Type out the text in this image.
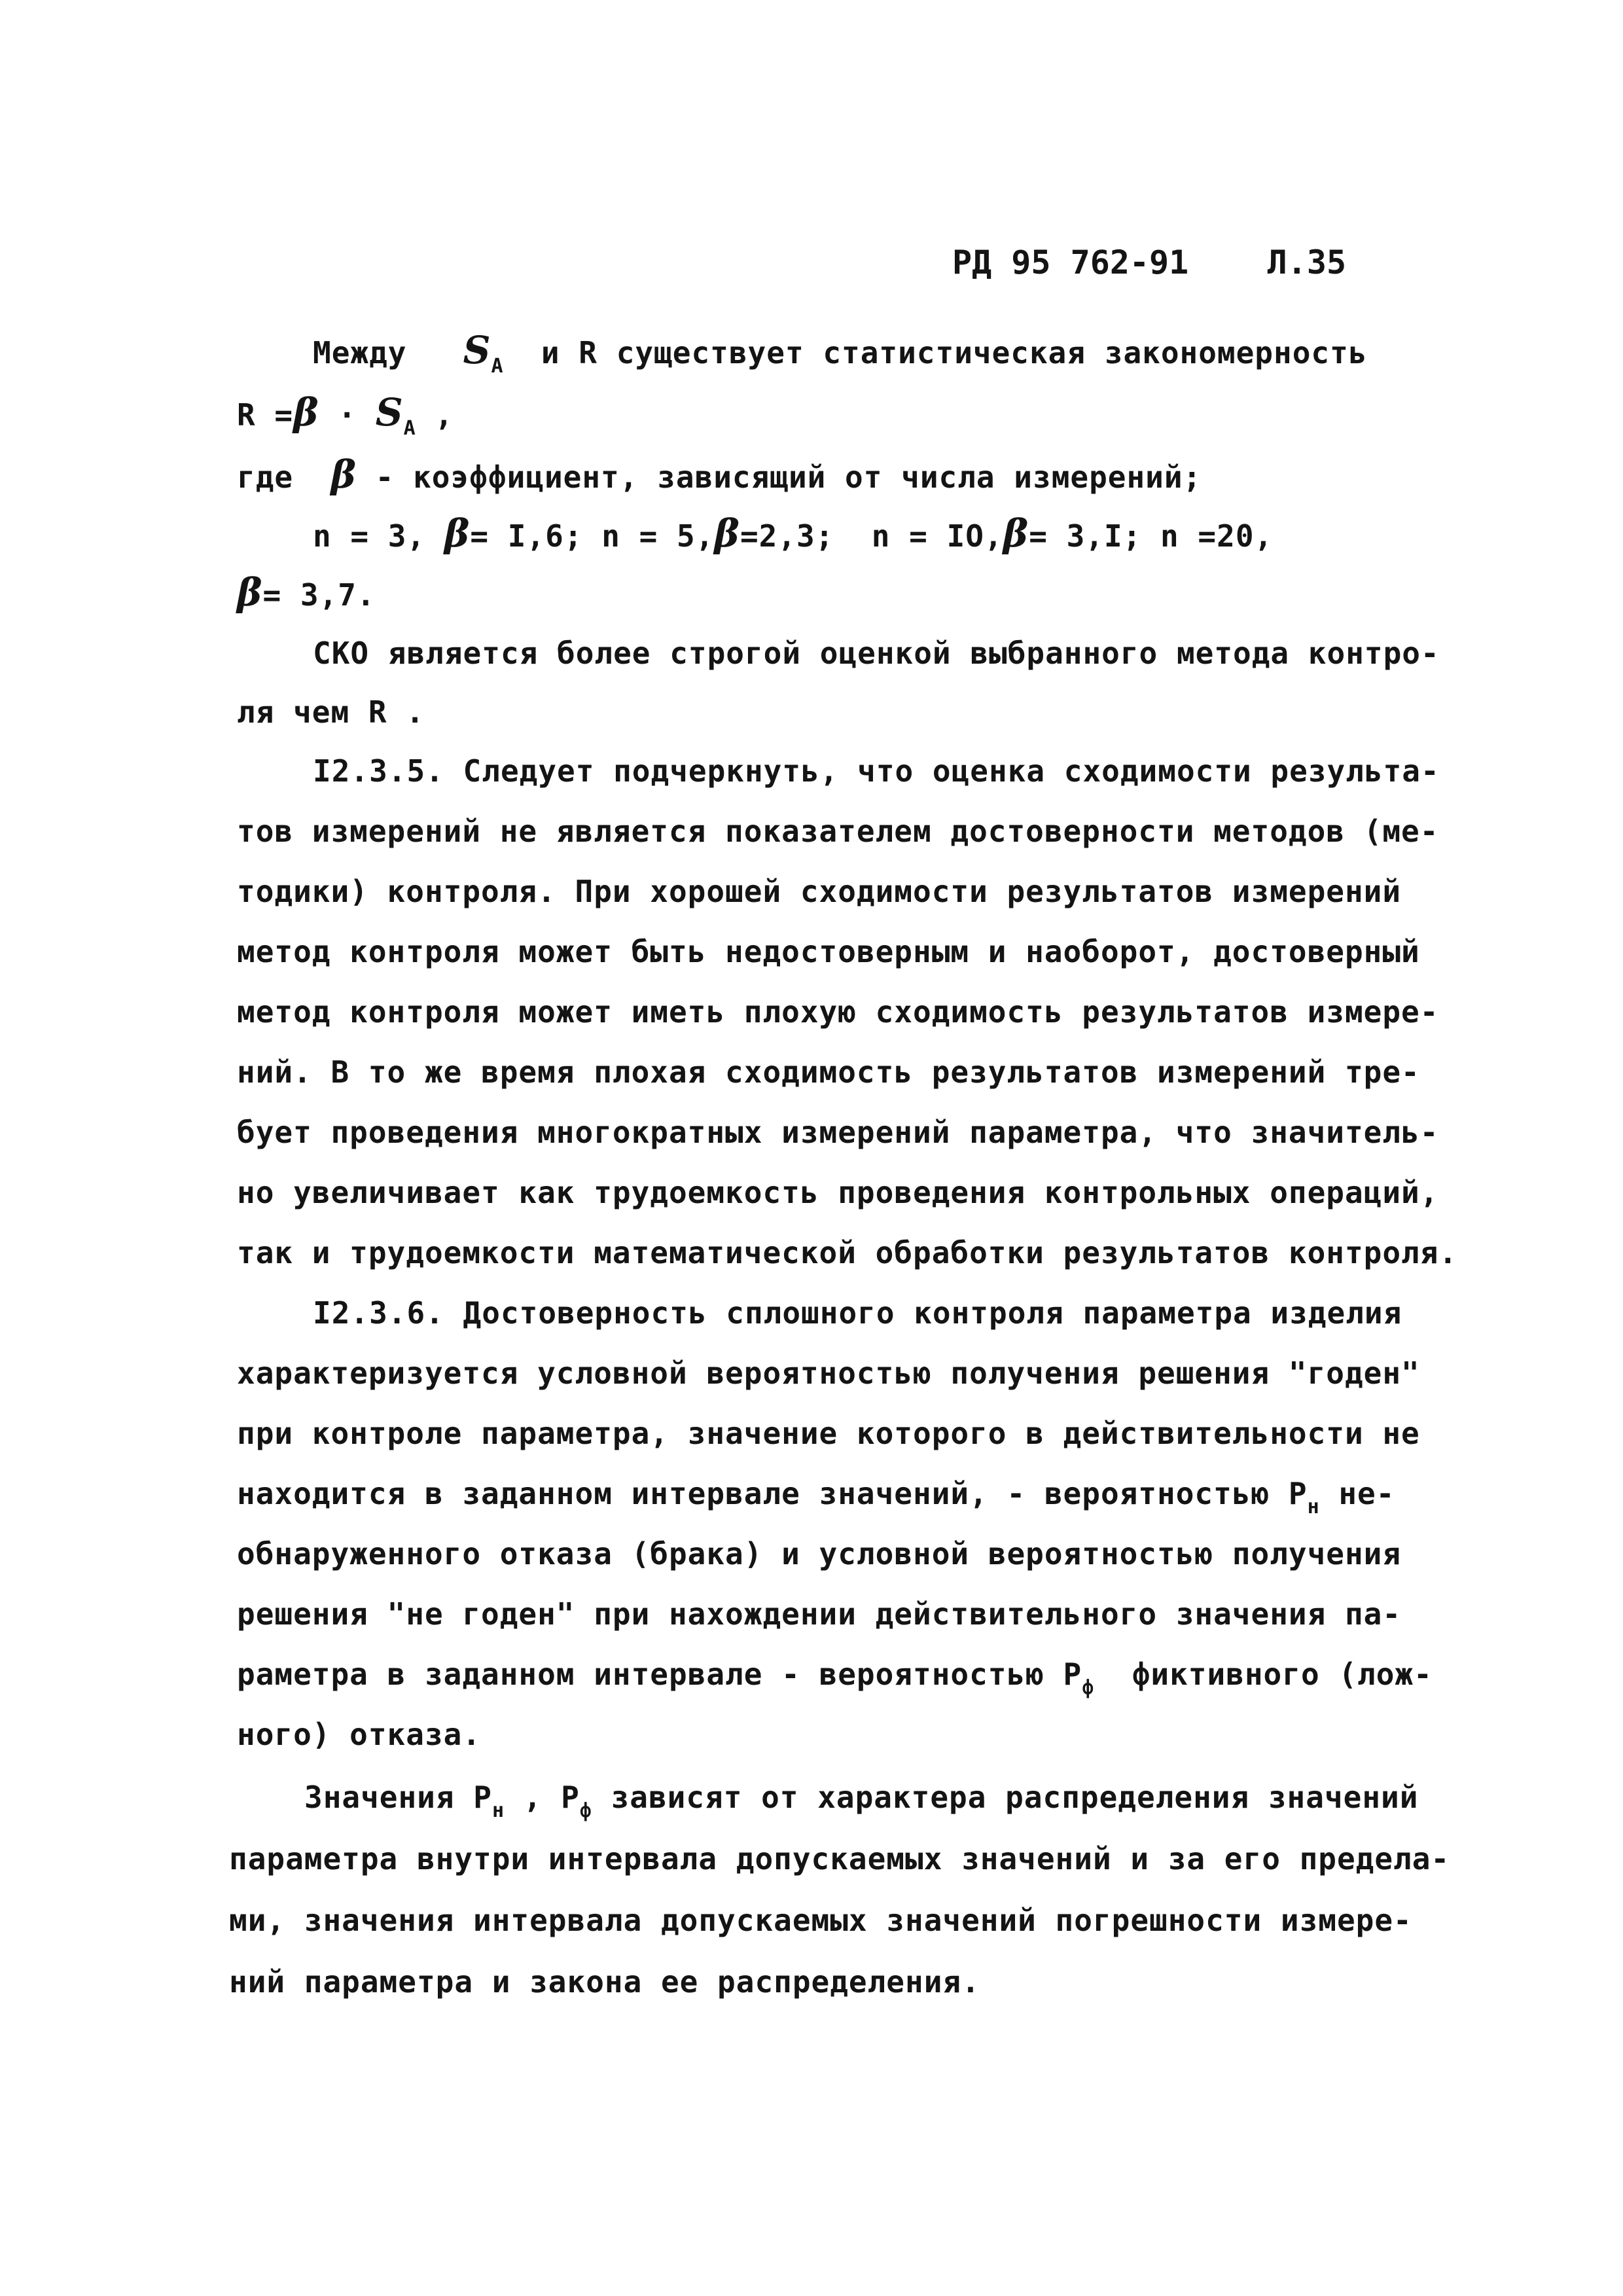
РД 95 762-91 Л.35
Между $S_А$ и R существует статистическая закономерность
$R =\beta \cdot S_А$ ,
где β - коэффициент, зависящий от числа измерений;
n = 3, β= I,6; n = 5,β=2,3;  n = IO,β= 3,I; n =20,
β= 3,7.
СКО является более строгой оценкой выбранного метода контро-
ля чем R .
I2.3.5. Следует подчеркнуть, что оценка сходимости результа-
тов измерений не является показателем достоверности методов (ме-
тодики) контроля. При хорошей сходимости результатов измерений
метод контроля может быть недостоверным и наоборот, достоверный
метод контроля может иметь плохую сходимость результатов измере-
ний. В то же время плохая сходимость результатов измерений тре-
бует проведения многократных измерений параметра, что значитель-
но увеличивает как трудоемкость проведения контрольных операций,
так и трудоемкости математической обработки результатов контроля.
I2.3.6. Достоверность сплошного контроля параметра изделия
характеризуется условной вероятностью получения решения "годен"
при контроле параметра, значение которого в действительности не
находится в заданном интервале значений, - вероятностью $Р_н$ не-
обнаруженного отказа (брака) и условной вероятностью получения
решения "не годен" при нахождении действительного значения па-
раметра в заданном интервале - вероятностью $Р_ф$  фиктивного (лож-
ного) отказа.
Значения $Р_н$ , $Р_ф$ зависят от характера распределения значений
параметра внутри интервала допускаемых значений и за его предела-
ми, значения интервала допускаемых значений погрешности измере-
ний параметра и закона ее распределения.
